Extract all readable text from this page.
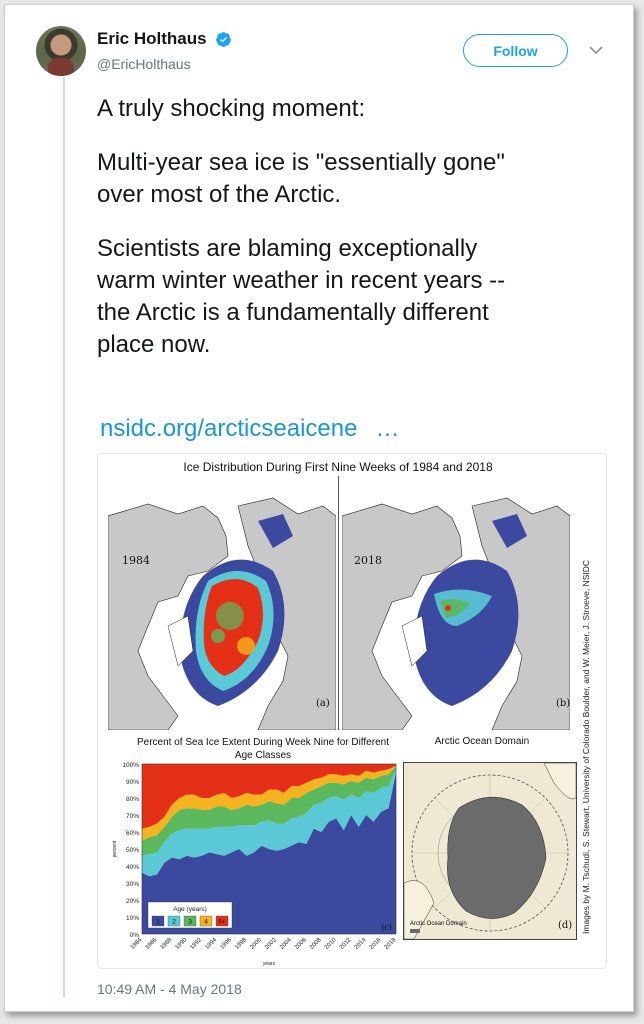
Eric Holthaus
@EricHolthaus
Follow

A truly shocking moment:

Multi-year sea ice is "essentially gone"
over most of the Arctic.

Scientists are blaming exceptionally
warm winter weather in recent years --
the Arctic is a fundamentally different
place now.

nsidc.org/arcticseaicene …
Ice Distribution During First Nine Weeks of 1984 and 2018
1984
(a)
2018
(b) Images by M. Tschudi, S. Stewart, University of Colorado Boulder, and W. Meier, J. Stroeve, NSIDC
Percent of Sea Ice Extent During Week Nine for Different Age Classes
0%
10%
20%
30%
40%
50%
60%
70%
80%
90%
100%
1984 1986 1988 1990 1992 1994 1996 1998 2000 2002 2004 2006 2008 2010 2012 2014 2016 2018
percent
years
Age (years)
1 2 3 4 5+
(c)
Arctic Ocean Domain
Arctic Ocean Domain	(d)
10:49 AM - 4 May 2018
